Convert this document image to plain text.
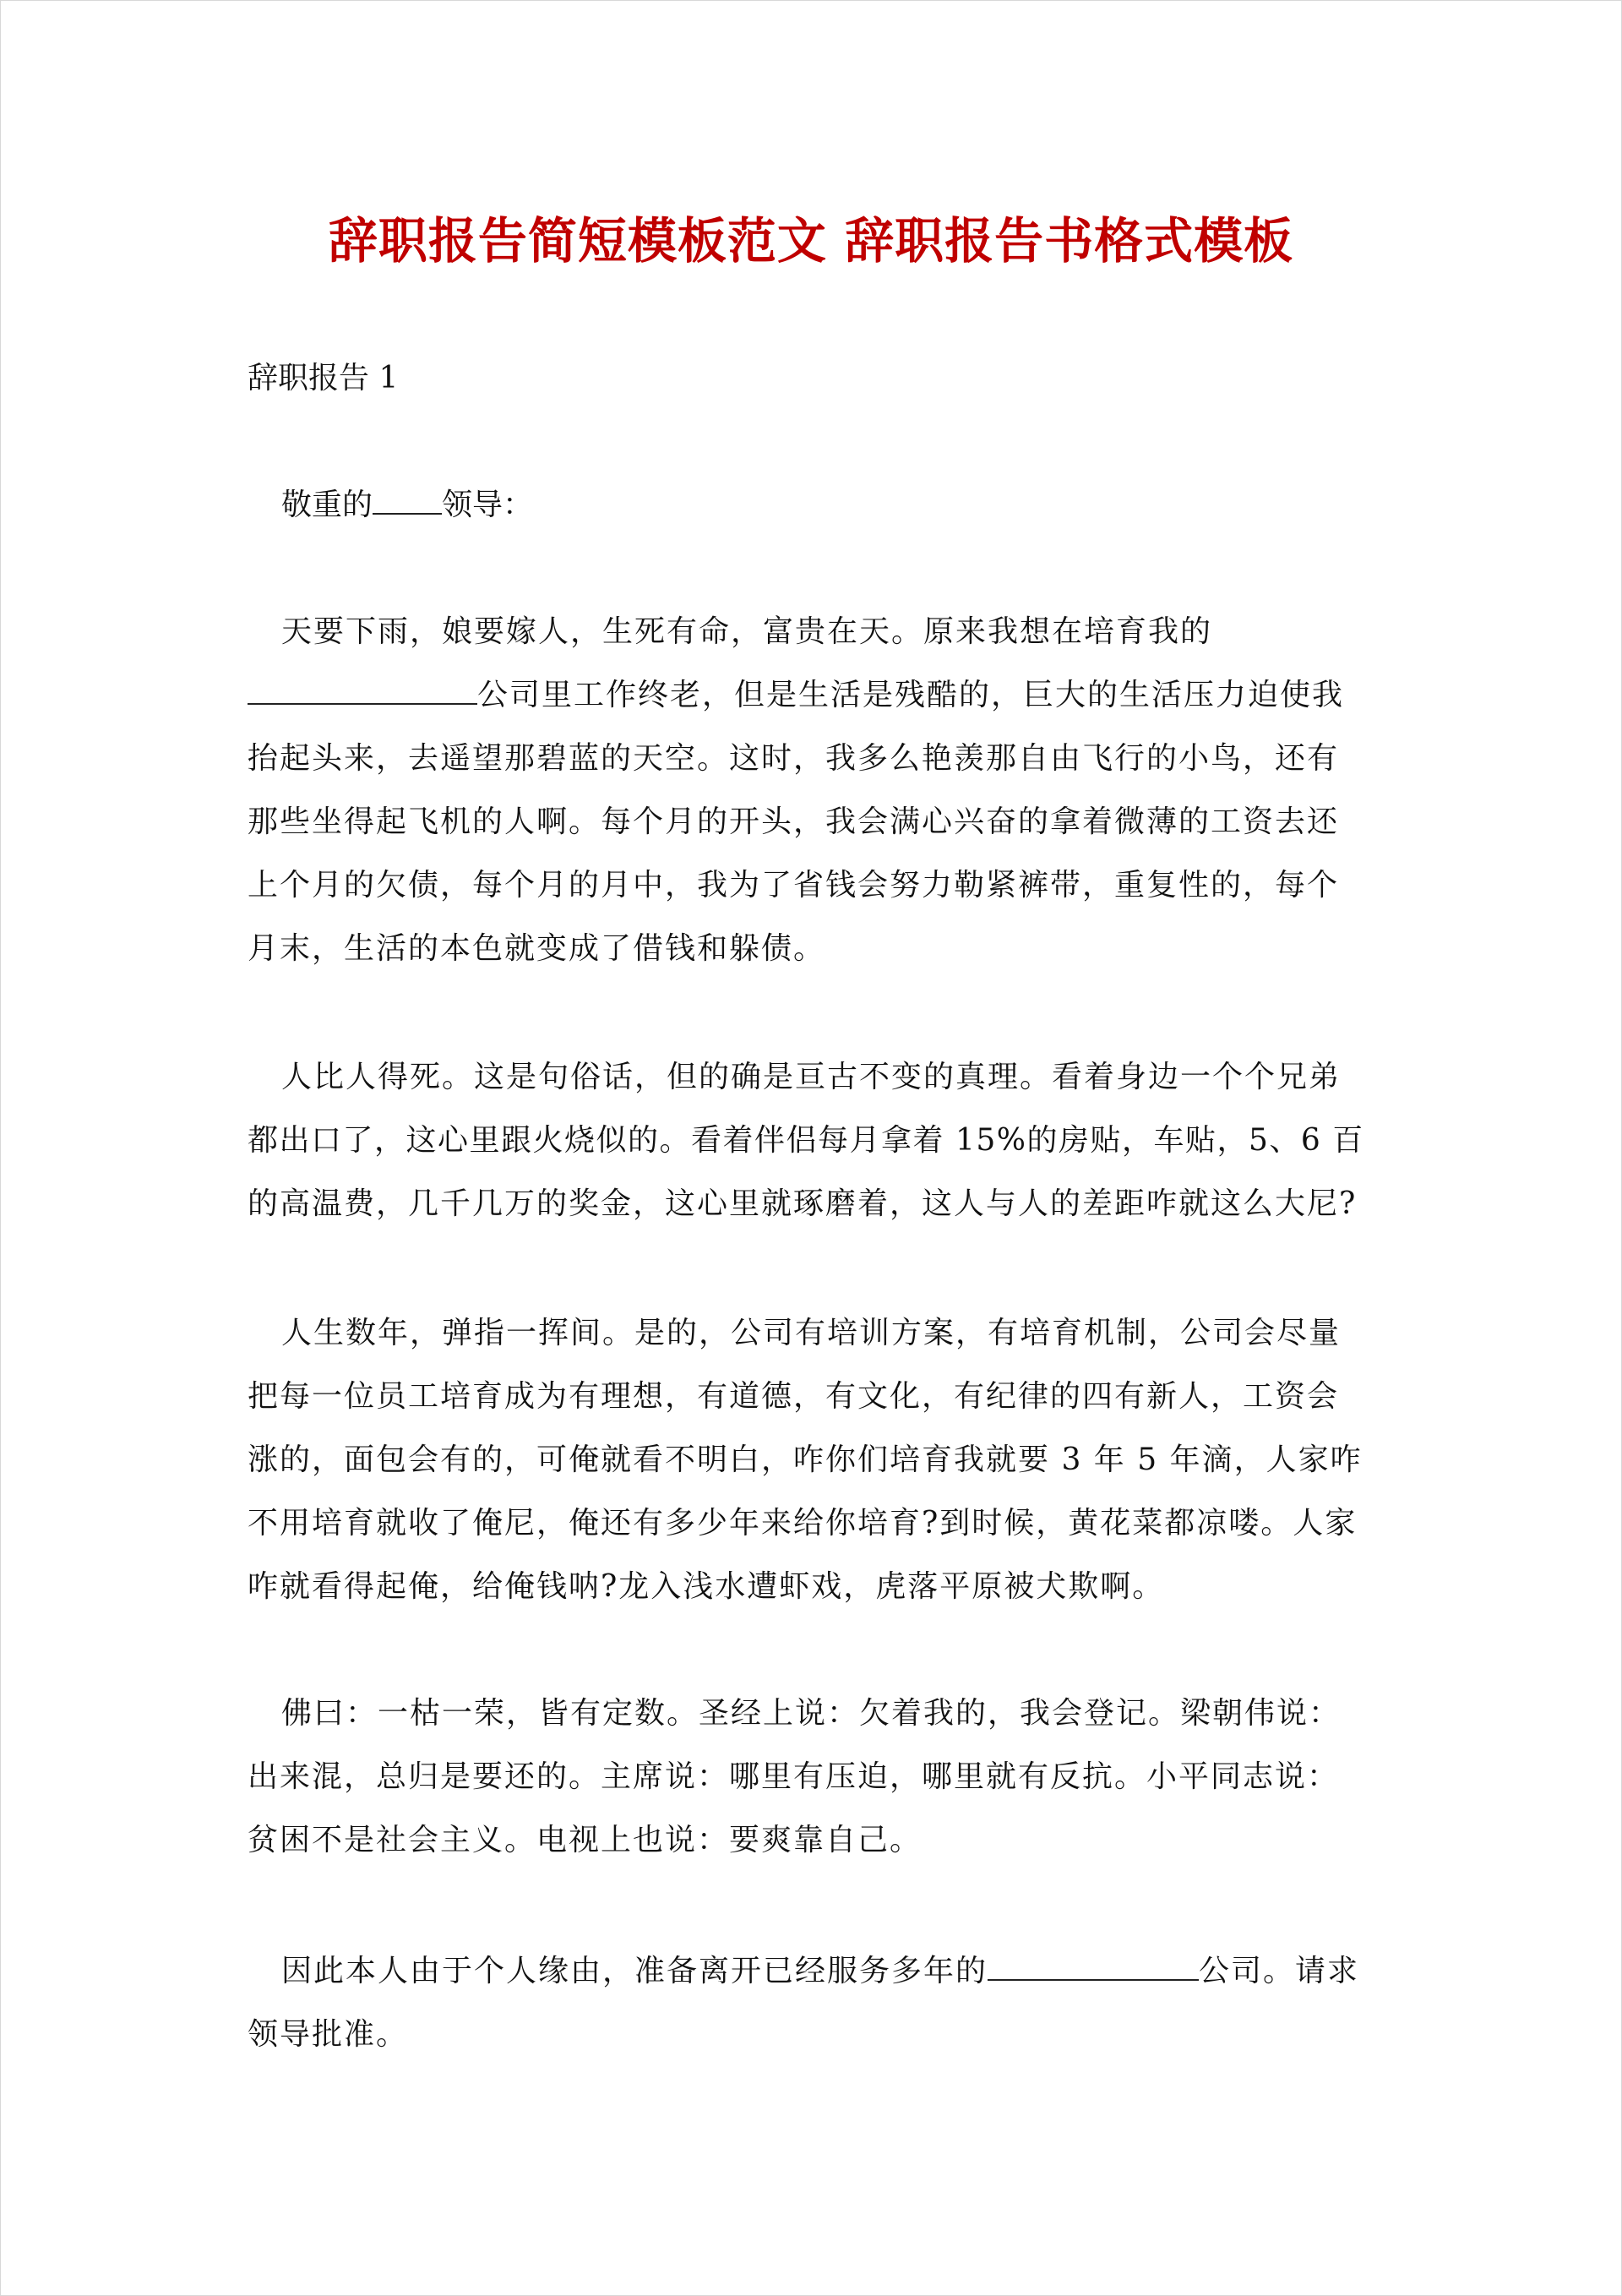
辞职报告简短模板范文 辞职报告书格式模板
辞职报告 1
敬重的 领导：
天要下雨，娘要嫁人，生死有命，富贵在天。原来我想在培育我的
公司里工作终老，但是生活是残酷的，巨大的生活压力迫使我
抬起头来，去遥望那碧蓝的天空。这时，我多么艳羡那自由飞行的小鸟，还有
那些坐得起飞机的人啊。每个月的开头，我会满心兴奋的拿着微薄的工资去还
上个月的欠债，每个月的月中，我为了省钱会努力勒紧裤带，重复性的，每个
月末，生活的本色就变成了借钱和躲债。
人比人得死。这是句俗话，但的确是亘古不变的真理。看着身边一个个兄弟
都出口了，这心里跟火烧似的。看着伴侣每月拿着 15%的房贴，车贴，5、6 百
的高温费，几千几万的奖金，这心里就琢磨着，这人与人的差距咋就这么大尼?
人生数年，弹指一挥间。是的，公司有培训方案，有培育机制，公司会尽量
把每一位员工培育成为有理想，有道德，有文化，有纪律的四有新人，工资会
涨的，面包会有的，可俺就看不明白，咋你们培育我就要 3 年 5 年滴，人家咋
不用培育就收了俺尼，俺还有多少年来给你培育?到时候，黄花菜都凉喽。人家
咋就看得起俺，给俺钱呐?龙入浅水遭虾戏，虎落平原被犬欺啊。
佛曰：一枯一荣，皆有定数。圣经上说：欠着我的，我会登记。梁朝伟说：
出来混，总归是要还的。主席说：哪里有压迫，哪里就有反抗。小平同志说：
贫困不是社会主义。电视上也说：要爽靠自己。
因此本人由于个人缘由，准备离开已经服务多年的	公司。请求
领导批准。
